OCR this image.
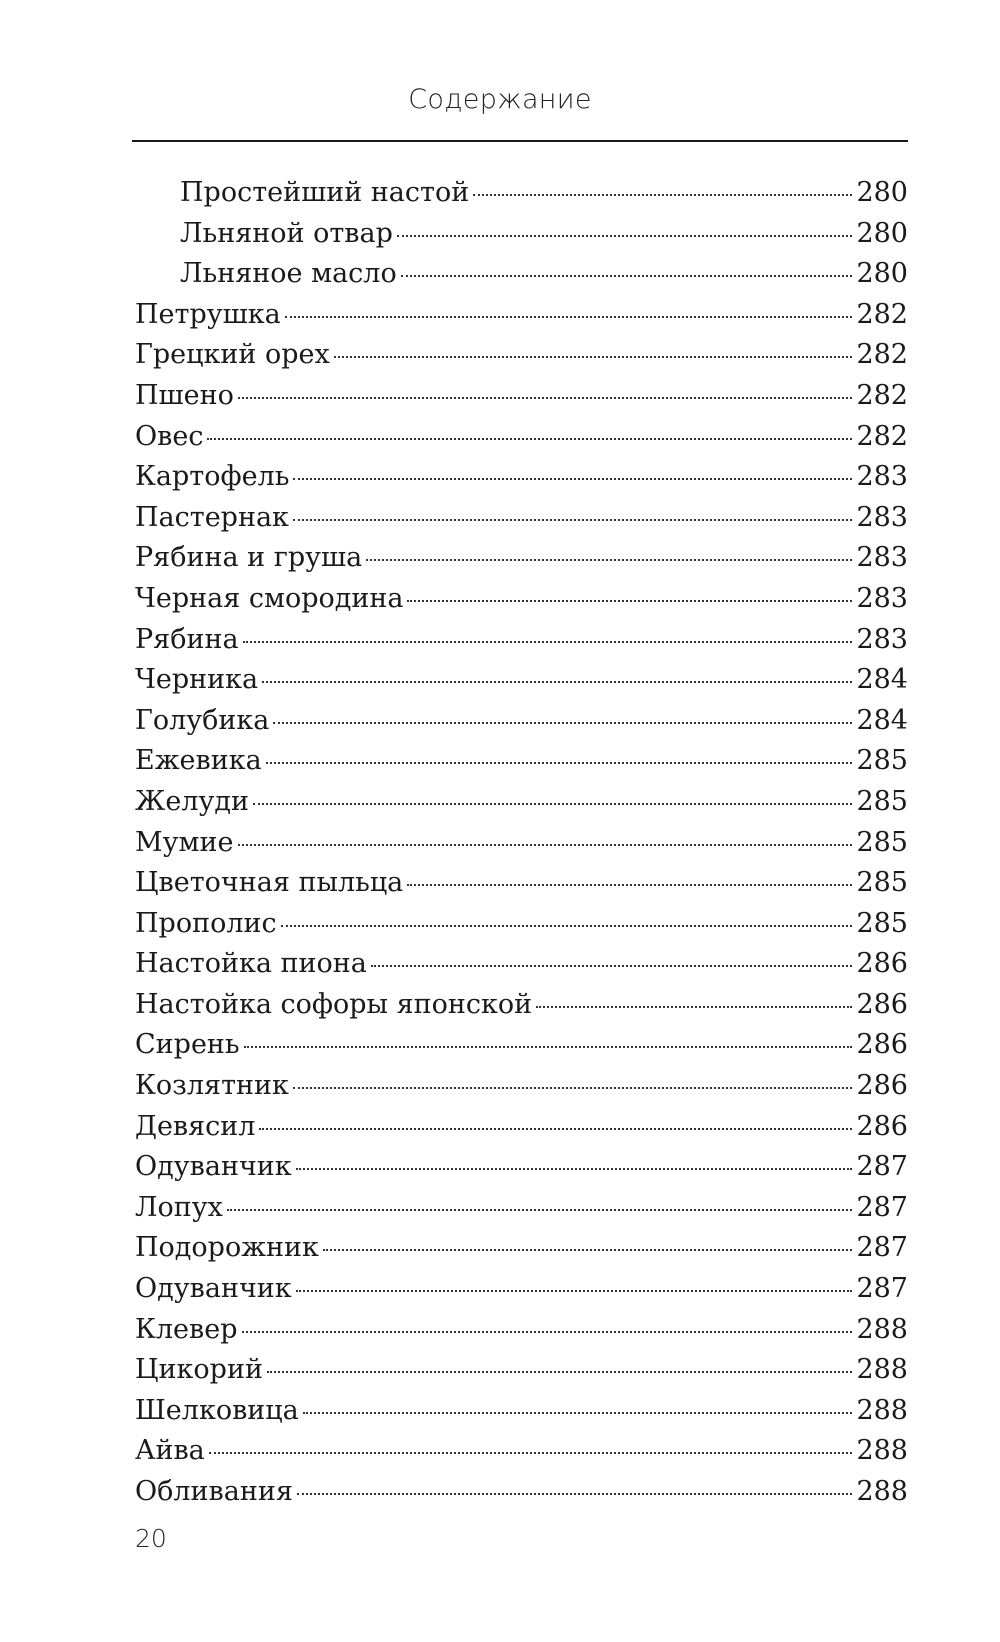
Содержание
Простейший настой	280
Льняной отвар	280
Льняное масло	280
Петрушка	282
Грецкий орех	282
Пшено	282
Овес	282
Картофель	283
Пастернак	283
Рябина и груша	283
Черная смородина	283
Рябина	283
Черника	284
Голубика	284
Ежевика	285
Желуди	285
Мумие	285
Цветочная пыльца	285
Прополис	285
Настойка пиона	286
Настойка софоры японской	286
Сирень	286
Козлятник	286
Девясил	286
Одуванчик	287
Лопух	287
Подорожник	287
Одуванчик	287
Клевер	288
Цикорий	288
Шелковица	288
Айва	288
Обливания	288
20
